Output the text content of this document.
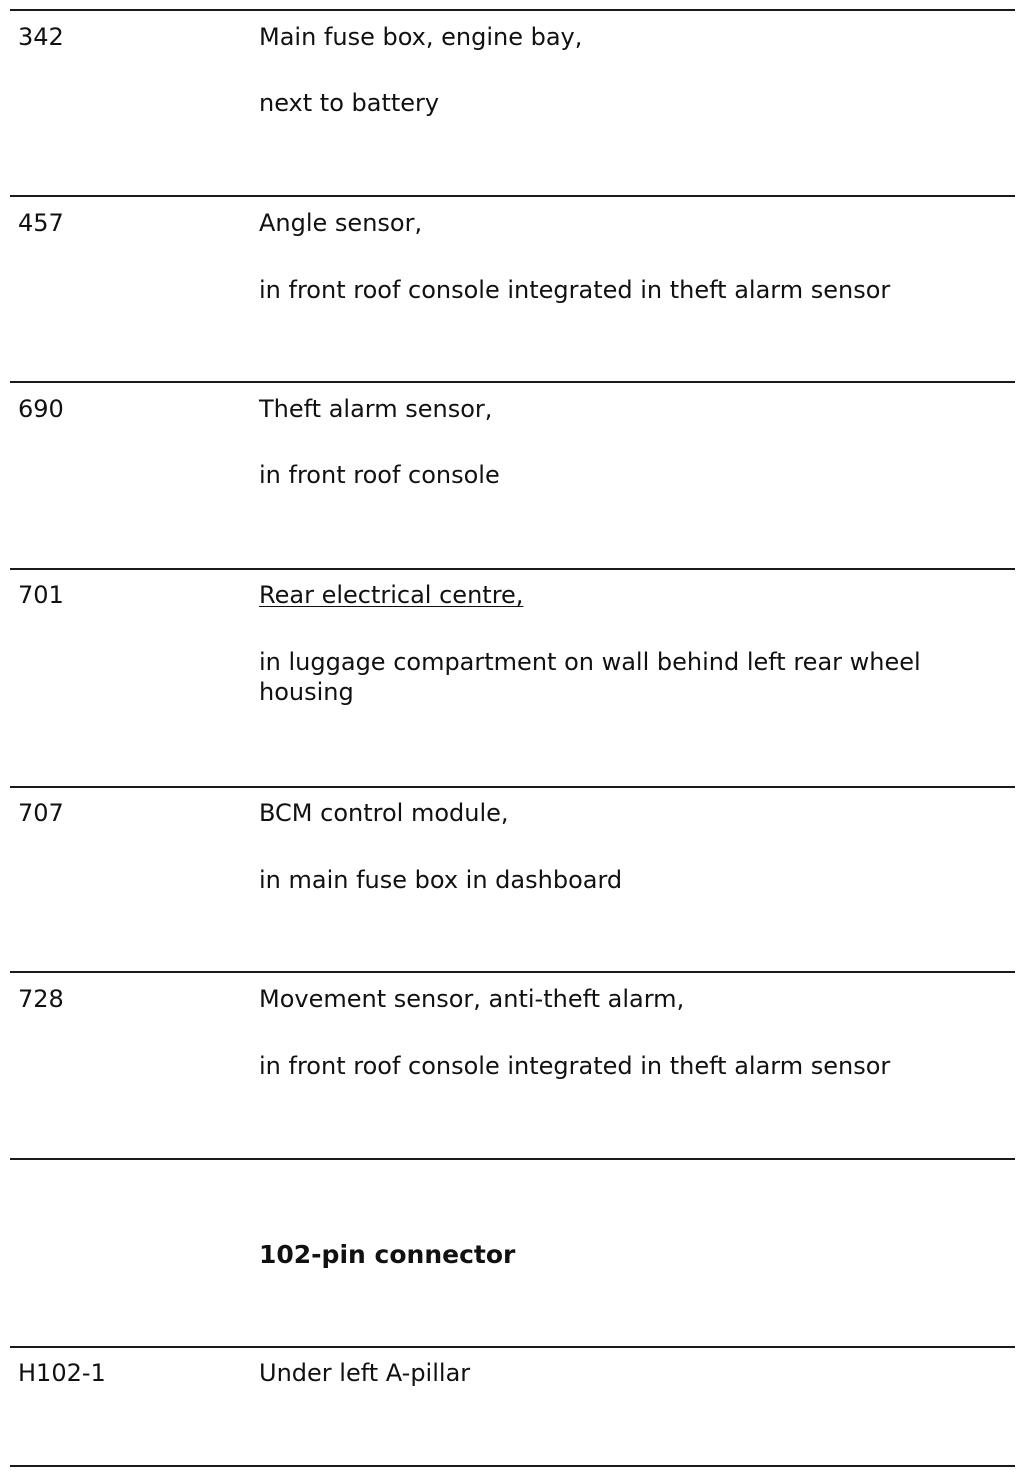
342	Main fuse box, engine bay,
next to battery
457	Angle sensor,
in front roof console integrated in theft alarm sensor
690	Theft alarm sensor,
in front roof console
701	Rear electrical centre,
in luggage compartment on wall behind left rear wheel housing
707	BCM control module,
in main fuse box in dashboard
728	Movement sensor, anti-theft alarm,
in front roof console integrated in theft alarm sensor
102-pin connector
H102-1	Under left A-pillar
